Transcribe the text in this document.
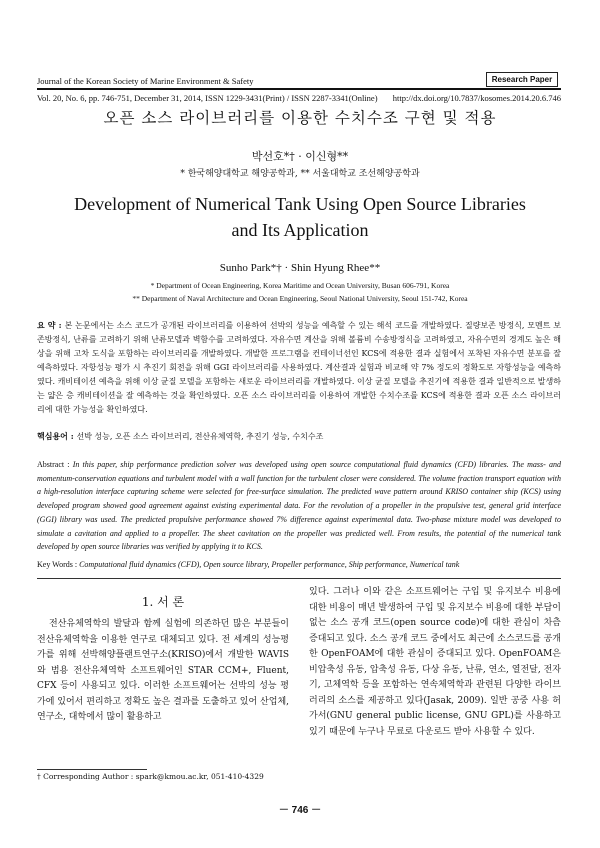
Journal of the Korean Society of Marine Environment & Safety	Research Paper
Vol. 20, No. 6, pp. 746-751, December 31, 2014, ISSN 1229-3431(Print) / ISSN 2287-3341(Online)	http://dx.doi.org/10.7837/kosomes.2014.20.6.746
오픈 소스 라이브러리를 이용한 수치수조 구현 및 적용
박선호*† · 이신형**
* 한국해양대학교 해양공학과, ** 서울대학교 조선해양공학과
Development of Numerical Tank Using Open Source Libraries
and Its Application
Sunho Park*† · Shin Hyung Rhee**
* Department of Ocean Engineering, Korea Maritime and Ocean University, Busan 606-791, Korea
** Department of Naval Architecture and Ocean Engineering, Seoul National University, Seoul 151-742, Korea
요 약 : 본 논문에서는 소스 코드가 공개된 라이브러리를 이용하여 선박의 성능을 예측할 수 있는 해석 코드를 개발하였다. 질량보존 방정식, 모멘트 보존방정식, 난류를 고려하기 위해 난류모델과 벽함수를 고려하였다. 자유수면 계산을 위해 볼륨비 수송방정식을 고려하였고, 자유수면의 경계도 높은 해상을 위해 고차 도식을 포함하는 라이브러리를 개발하였다. 개발한 프로그램을 컨테이너선인 KCS에 적용한 결과 실험에서 포착된 자유수면 분포를 잘 예측하였다. 자항성능 평가 시 추진기 회전을 위해 GGI 라이브러리를 사용하였다. 계산결과 실험과 비교해 약 7% 정도의 정확도로 자항성능을 예측하였다. 캐비테이션 예측을 위해 이상 균질 모델을 포함하는 새로운 라이브러리를 개발하였다. 이상 균질 모델을 추진기에 적용한 결과 일반적으로 발생하는 얇은 층 캐비테이션을 잘 예측하는 것을 확인하였다. 오픈 소스 라이브러리를 이용하여 개발한 수치수조를 KCS에 적용한 결과 오픈 소스 라이브러리에 대한 가능성을 확인하였다.
핵심용어 : 선박 성능, 오픈 소스 라이브러리, 전산유체역학, 추진기 성능, 수치수조
Abstract : In this paper, ship performance prediction solver was developed using open source computational fluid dynamics (CFD) libraries. The mass- and momentum-conservation equations and turbulent model with a wall function for the turbulent closer were considered. The volume fraction transport equation with a high-resolution interface capturing scheme were selected for free-surface simulation. The predicted wave pattern around KRISO container ship (KCS) using developed program showed good agreement against existing experimental data. For the revolution of a propeller in the propulsive test, general grid interface (GGI) library was used. The predicted propulsive performance showed 7% difference against experimental data. Two-phase mixture model was developed to simulate a cavitation and applied to a propeller. The sheet cavitation on the propeller was predicted well. From results, the potential of the numerical tank developed by open source libraries was verified by applying it to KCS.
Key Words : Computational fluid dynamics (CFD), Open source library, Propeller performance, Ship performance, Numerical tank
1. 서 론
전산유체역학의 발달과 함께 실험에 의존하던 많은 부분들이 전산유체역학을 이용한 연구로 대체되고 있다. 전 세계의 성능평가를 위해 선박해양플랜트연구소(KRISO)에서 개발한 WAVIS와 범용 전산유체역학 소프트웨어인 STAR CCM+, Fluent, CFX 등이 사용되고 있다. 이러한 소프트웨어는 선박의 성능 평가에 있어서 편리하고 정확도 높은 결과를 도출하고 있어 산업체, 연구소, 대학에서 많이 활용하고
있다. 그러나 이와 같은 소프트웨어는 구입 및 유지보수 비용에 대한 비용이 매년 발생하여 구입 및 유지보수 비용에 대한 부담이 없는 소스 공개 코드(open source code)에 대한 관심이 차츰 증대되고 있다. 소스 공개 코드 중에서도 최근에 소스코드를 공개한 OpenFOAM에 대한 관심이 증대되고 있다. OpenFOAM은 비압축성 유동, 압축성 유동, 다상 유동, 난류, 연소, 열전달, 전자기, 고체역학 등을 포함하는 연속체역학과 관련된 다양한 라이브러리의 소스를 제공하고 있다(Jasak, 2009). 일반 공중 사용 허가서(GNU general public license, GNU GPL)를 사용하고 있기 때문에 누구나 무료로 다운로드 받아 사용할 수 있다.
† Corresponding Author : spark@kmou.ac.kr, 051-410-4329
－ 746 －
